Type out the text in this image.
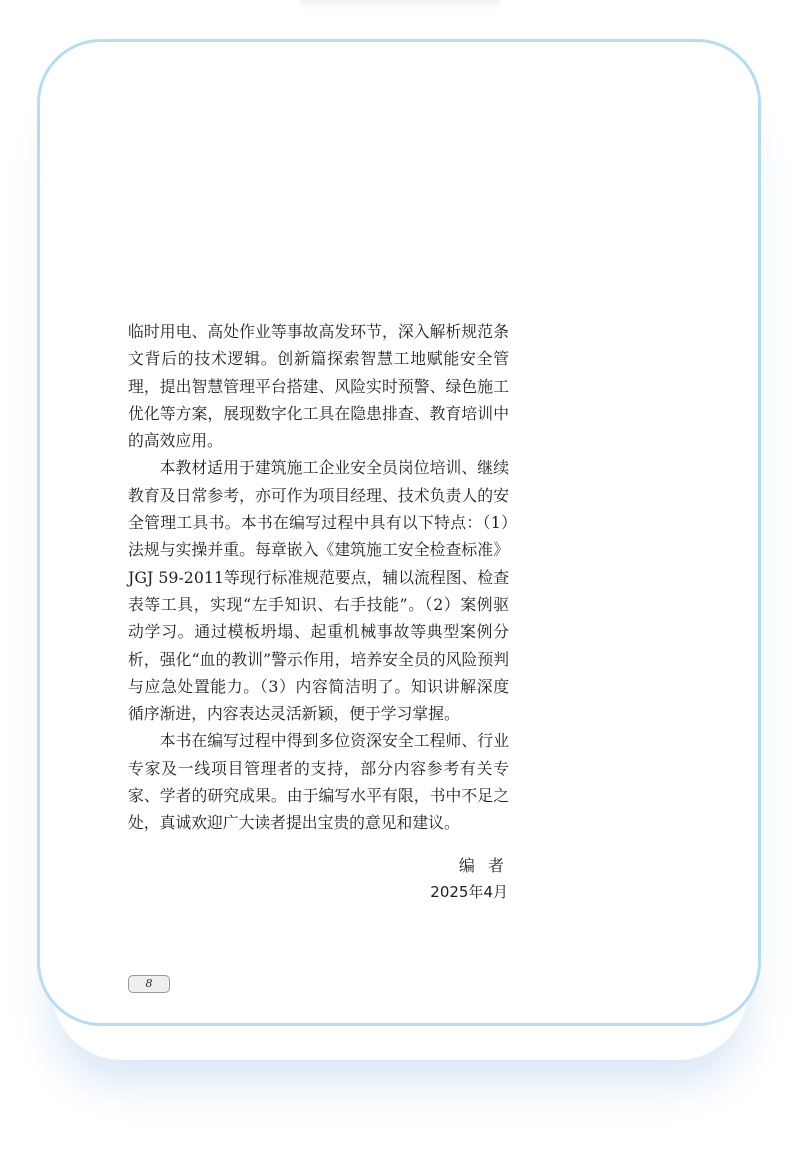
临时用电、高处作业等事故高发环节，深入解析规范条文背后的技术逻辑。创新篇探索智慧工地赋能安全管理，提出智慧管理平台搭建、风险实时预警、绿色施工优化等方案，展现数字化工具在隐患排查、教育培训中的高效应用。

本教材适用于建筑施工企业安全员岗位培训、继续教育及日常参考，亦可作为项目经理、技术负责人的安全管理工具书。本书在编写过程中具有以下特点：（1）法规与实操并重。每章嵌入《建筑施工安全检查标准》JGJ 59-2011等现行标准规范要点，辅以流程图、检查表等工具，实现“左手知识、右手技能”。（2）案例驱动学习。通过模板坍塌、起重机械事故等典型案例分析，强化“血的教训”警示作用，培养安全员的风险预判与应急处置能力。（3）内容简洁明了。知识讲解深度循序渐进，内容表达灵活新颖，便于学习掌握。

本书在编写过程中得到多位资深安全工程师、行业专家及一线项目管理者的支持，部分内容参考有关专家、学者的研究成果。由于编写水平有限，书中不足之处，真诚欢迎广大读者提出宝贵的意见和建议。

编 者
2025年4月
8
